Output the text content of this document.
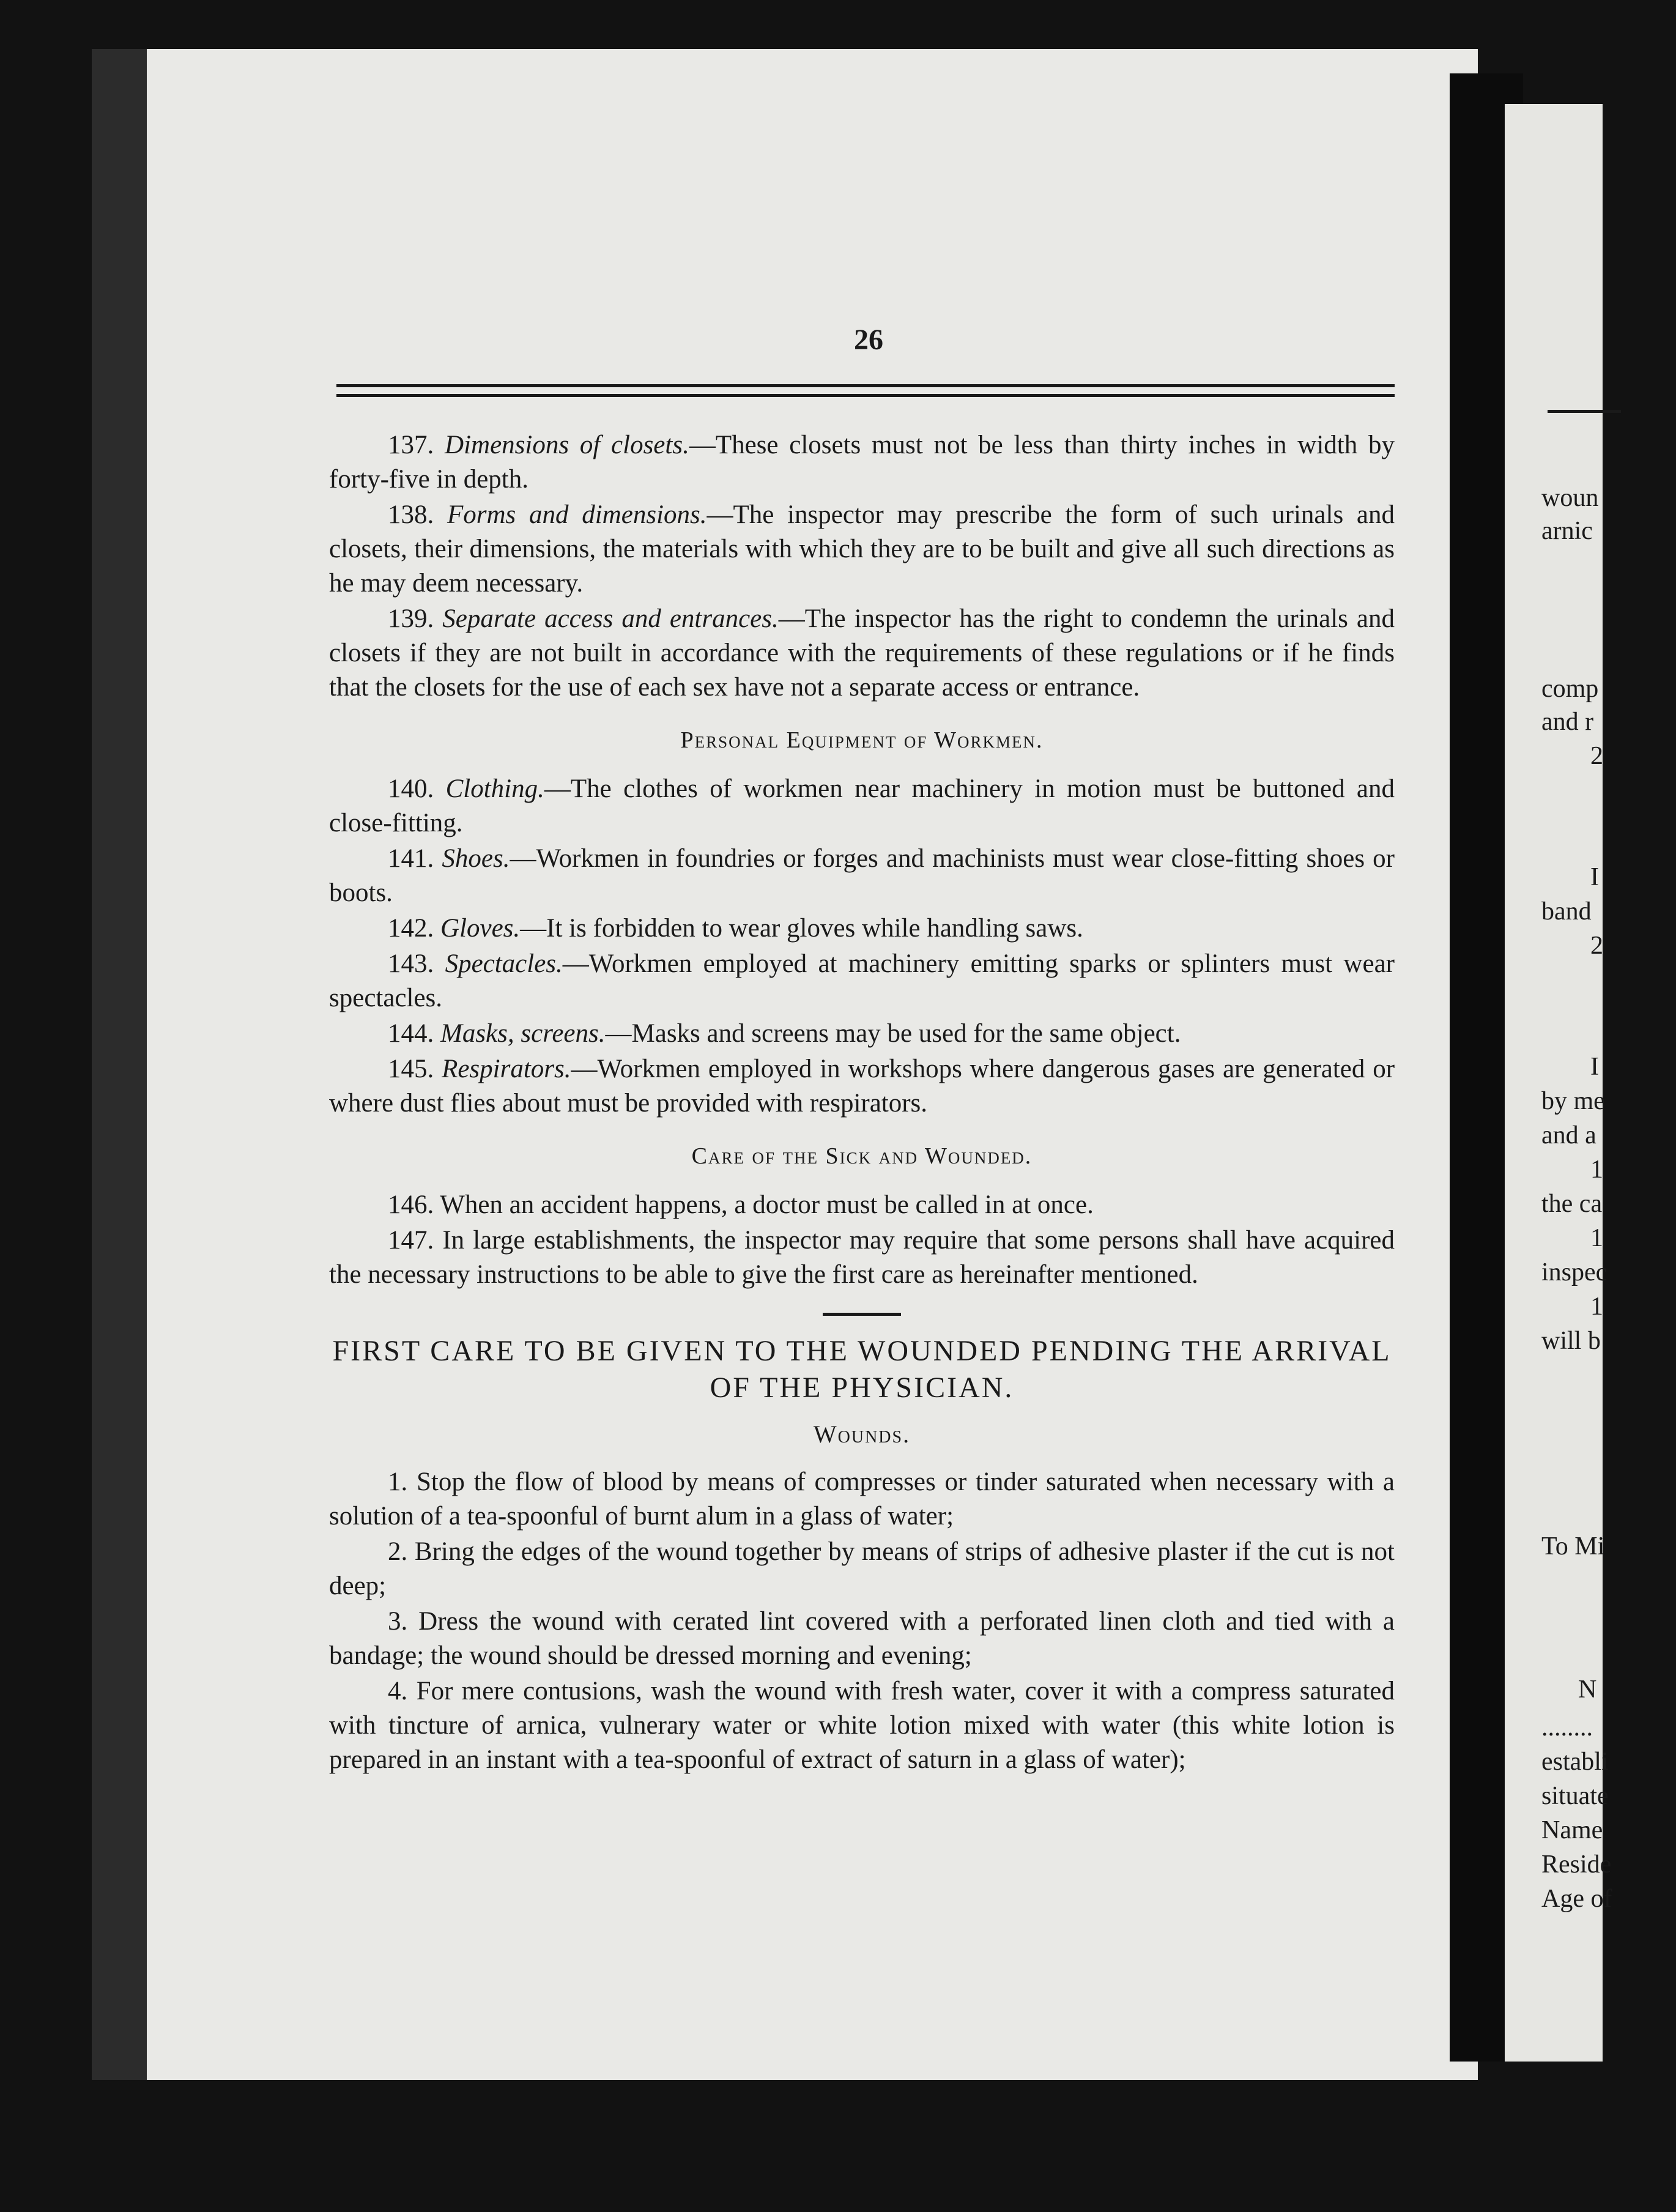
26

137. Dimensions of closets.—These closets must not be less than thirty inches in width by forty-five in depth.

138. Forms and dimensions.—The inspector may prescribe the form of such urinals and closets, their dimensions, the materials with which they are to be built and give all such directions as he may deem necessary.

139. Separate access and entrances.—The inspector has the right to condemn the urinals and closets if they are not built in accordance with the requirements of these regulations or if he finds that the closets for the use of each sex have not a separate access or entrance.

Personal Equipment of Workmen.

140. Clothing.—The clothes of workmen near machinery in motion must be buttoned and close-fitting.

141. Shoes.—Workmen in foundries or forges and machinists must wear close-fitting shoes or boots.

142. Gloves.—It is forbidden to wear gloves while handling saws.

143. Spectacles.—Workmen employed at machinery emitting sparks or splinters must wear spectacles.

144. Masks, screens.—Masks and screens may be used for the same object.

145. Respirators.—Workmen employed in workshops where dangerous gases are generated or where dust flies about must be provided with respirators.

Care of the Sick and Wounded.

146. When an accident happens, a doctor must be called in at once.

147. In large establishments, the inspector may require that some persons shall have acquired the necessary instructions to be able to give the first care as hereinafter mentioned.

FIRST CARE TO BE GIVEN TO THE WOUNDED PENDING THE ARRIVAL OF THE PHYSICIAN.
Wounds.

1. Stop the flow of blood by means of compresses or tinder saturated when necessary with a solution of a tea-spoonful of burnt alum in a glass of water;

2. Bring the edges of the wound together by means of strips of adhesive plaster if the cut is not deep;

3. Dress the wound with cerated lint covered with a perforated linen cloth and tied with a bandage; the wound should be dressed morning and evening;

4. For mere contusions, wash the wound with fresh water, cover it with a compress saturated with tincture of arnica, vulnerary water or white lotion mixed with water (this white lotion is prepared in an instant with a tea-spoonful of extract of saturn in a glass of water);

woun
arnic
comp
and r
2
I
band
2
I
by me
and a
1
the ca
1
inspec
1
will b
To Mi
N
........
establi
situate
Name
Reside
Age of
